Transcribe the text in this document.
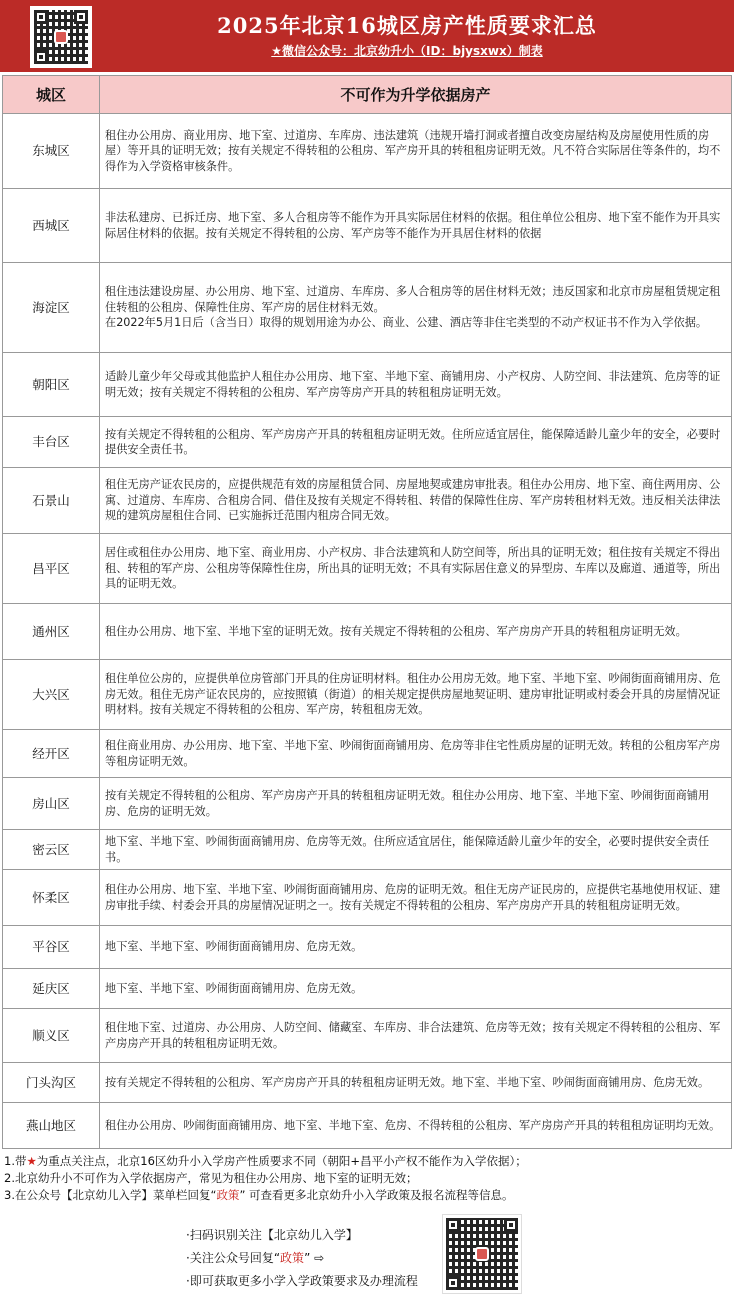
2025年北京16城区房产性质要求汇总
★微信公众号：北京幼升小（ID：bjysxwx）制表
城区	不可作为升学依据房产
东城区	租住办公用房、商业用房、地下室、过道房、车库房、违法建筑（违规开墙打洞或者擅自改变房屋结构及房屋使用性质的房屋）等开具的证明无效；按有关规定不得转租的公租房、军产房开具的转租租房证明无效。凡不符合实际居住等条件的，均不得作为入学资格审核条件。
西城区	非法私建房、已拆迁房、地下室、多人合租房等不能作为开具实际居住材料的依据。租住单位公租房、地下室不能作为开具实际居住材料的依据。按有关规定不得转租的公房、军产房等不能作为开具居住材料的依据
海淀区	租住违法建设房屋、办公用房、地下室、过道房、车库房、多人合租房等的居住材料无效；违反国家和北京市房屋租赁规定租住转租的公租房、保障性住房、军产房的居住材料无效。
在2022年5月1日后（含当日）取得的规划用途为办公、商业、公建、酒店等非住宅类型的不动产权证书不作为入学依据。
朝阳区	适龄儿童少年父母或其他监护人租住办公用房、地下室、半地下室、商铺用房、小产权房、人防空间、非法建筑、危房等的证明无效；按有关规定不得转租的公租房、军产房等房产开具的转租租房证明无效。
丰台区	按有关规定不得转租的公租房、军产房房产开具的转租租房证明无效。住所应适宜居住，能保障适龄儿童少年的安全，必要时提供安全责任书。
石景山	租住无房产证农民房的，应提供规范有效的房屋租赁合同、房屋地契或建房审批表。租住办公用房、地下室、商住两用房、公寓、过道房、车库房、合租房合同、借住及按有关规定不得转租、转借的保障性住房、军产房转租材料无效。违反相关法律法规的建筑房屋租住合同、已实施拆迁范围内租房合同无效。
昌平区	居住或租住办公用房、地下室、商业用房、小产权房、非合法建筑和人防空间等，所出具的证明无效；租住按有关规定不得出租、转租的军产房、公租房等保障性住房，所出具的证明无效；不具有实际居住意义的异型房、车库以及廊道、通道等，所出具的证明无效。
通州区	租住办公用房、地下室、半地下室的证明无效。按有关规定不得转租的公租房、军产房房产开具的转租租房证明无效。
大兴区	租住单位公房的，应提供单位房管部门开具的住房证明材料。租住办公用房无效。地下室、半地下室、吵闹街面商铺用房、危房无效。租住无房产证农民房的，应按照镇（街道）的相关规定提供房屋地契证明、建房审批证明或村委会开具的房屋情况证明材料。按有关规定不得转租的公租房、军产房，转租租房无效。
经开区	租住商业用房、办公用房、地下室、半地下室、吵闹街面商铺用房、危房等非住宅性质房屋的证明无效。转租的公租房军产房等租房证明无效。
房山区	按有关规定不得转租的公租房、军产房房产开具的转租租房证明无效。租住办公用房、地下室、半地下室、吵闹街面商铺用房、危房的证明无效。
密云区	地下室、半地下室、吵闹街面商铺用房、危房等无效。住所应适宜居住，能保障适龄儿童少年的安全，必要时提供安全责任书。
怀柔区	租住办公用房、地下室、半地下室、吵闹街面商铺用房、危房的证明无效。租住无房产证民房的，应提供宅基地使用权证、建房审批手续、村委会开具的房屋情况证明之一。按有关规定不得转租的公租房、军产房房产开具的转租租房证明无效。
平谷区	地下室、半地下室、吵闹街面商铺用房、危房无效。
延庆区	地下室、半地下室、吵闹街面商铺用房、危房无效。
顺义区	租住地下室、过道房、办公用房、人防空间、储藏室、车库房、非合法建筑、危房等无效；按有关规定不得转租的公租房、军产房房产开具的转租租房证明无效。
门头沟区	按有关规定不得转租的公租房、军产房房产开具的转租租房证明无效。地下室、半地下室、吵闹街面商铺用房、危房无效。
燕山地区	租住办公用房、吵闹街面商铺用房、地下室、半地下室、危房、不得转租的公租房、军产房房产开具的转租租房证明均无效。
1.带★为重点关注点，北京16区幼升小入学房产性质要求不同（朝阳+昌平小产权不能作为入学依据）；
2.北京幼升小不可作为入学依据房产，常见为租住办公用房、地下室的证明无效；
3.在公众号【北京幼儿入学】菜单栏回复“政策” 可查看更多北京幼升小入学政策及报名流程等信息。
·扫码识别关注【北京幼儿入学】
·关注公众号回复“政策” ⇨
·即可获取更多小学入学政策要求及办理流程
